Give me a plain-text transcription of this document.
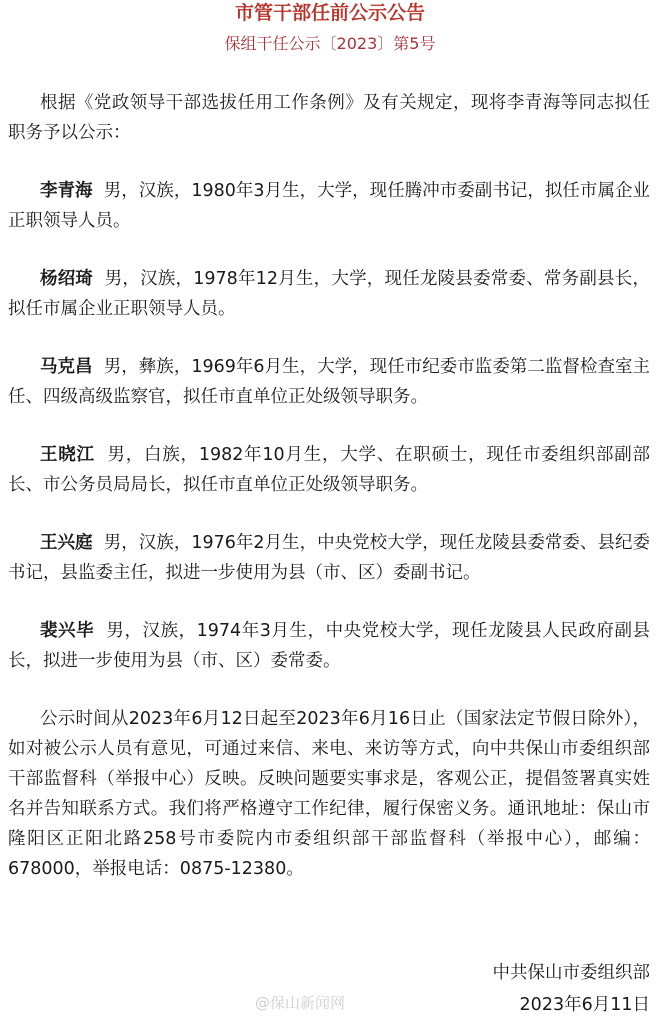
市管干部任前公示公告
保组干任公示〔2023〕第5号

根据《党政领导干部选拔任用工作条例》及有关规定，现将李青海等同志拟任职务予以公示：

李青海 男，汉族，1980年3月生，大学，现任腾冲市委副书记，拟任市属企业正职领导人员。

杨绍琦 男，汉族，1978年12月生，大学，现任龙陵县委常委、常务副县长，拟任市属企业正职领导人员。

马克昌 男，彝族，1969年6月生，大学，现任市纪委市监委第二监督检查室主任、四级高级监察官，拟任市直单位正处级领导职务。

王晓江 男，白族，1982年10月生，大学、在职硕士，现任市委组织部副部长、市公务员局局长，拟任市直单位正处级领导职务。

王兴庭 男，汉族，1976年2月生，中央党校大学，现任龙陵县委常委、县纪委书记，县监委主任，拟进一步使用为县（市、区）委副书记。

裴兴毕 男，汉族，1974年3月生，中央党校大学，现任龙陵县人民政府副县长，拟进一步使用为县（市、区）委常委。

公示时间从2023年6月12日起至2023年6月16日止（国家法定节假日除外），如对被公示人员有意见，可通过来信、来电、来访等方式，向中共保山市委组织部干部监督科（举报中心）反映。反映问题要实事求是，客观公正，提倡签署真实姓名并告知联系方式。我们将严格遵守工作纪律，履行保密义务。通讯地址：保山市隆阳区正阳北路258号市委院内市委组织部干部监督科（举报中心），邮编：678000，举报电话：0875-12380。

中共保山市委组织部
@保山新闻网	2023年6月11日
